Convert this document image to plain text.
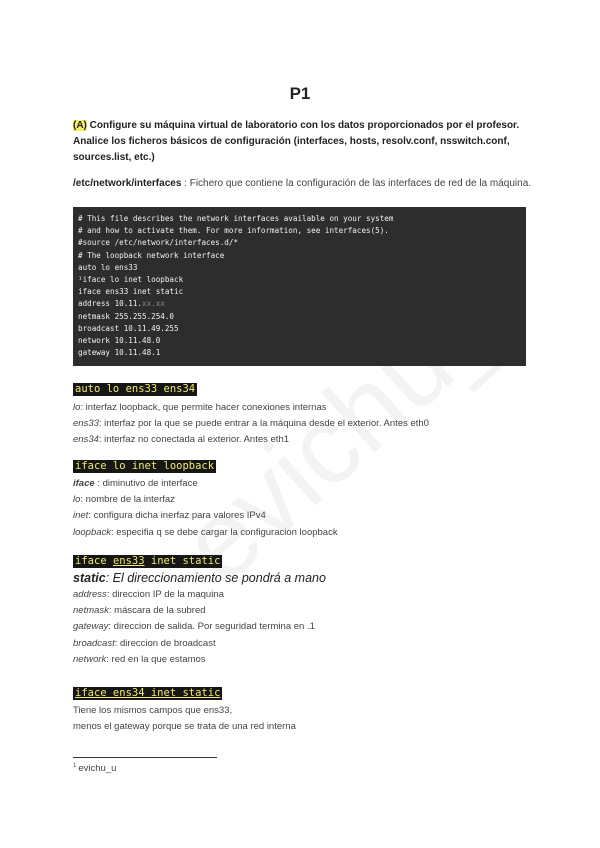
P1
(A) Configure su máquina virtual de laboratorio con los datos proporcionados por el profesor. Analice los ficheros básicos de configuración (interfaces, hosts, resolv.conf, nsswitch.conf, sources.list, etc.)
/etc/network/interfaces : Fichero que contiene la configuración de las interfaces de red de la máquina.
# This file describes the network interfaces available on your system
# and how to activate them. For more information, see interfaces(5).
#source /etc/network/interfaces.d/*
# The loopback network interface
auto lo ens33
¹iface lo inet loopback
iface ens33 inet static
address 10.11.xx.xx
netmask 255.255.254.0
broadcast 10.11.49.255
network 10.11.48.0
gateway 10.11.48.1
auto lo ens33 ens34
lo: interfaz loopback, que permite hacer conexiones internas
ens33: interfaz por la que se puede entrar a la máquina desde el exterior. Antes eth0
ens34: interfaz no conectada al exterior. Antes eth1
iface lo inet loopback
iface : diminutivo de interface
lo: nombre de la interfaz
inet: configura dicha inerfaz para valores IPv4
loopback: especifia q se debe cargar la configuracion loopback
iface ens33 inet static
static: El direccionamiento se pondrá a mano
address: direccion IP de la maquina
netmask: máscara de la subred
gateway: direccion de salida. Por seguridad termina en .1
broadcast: direccion de broadcast
network: red en la que estamos
iface ens34 inet static
Tiene los mismos campos que ens33,
menos el gateway porque se trata de una red interna
$^1$ evichu_u
